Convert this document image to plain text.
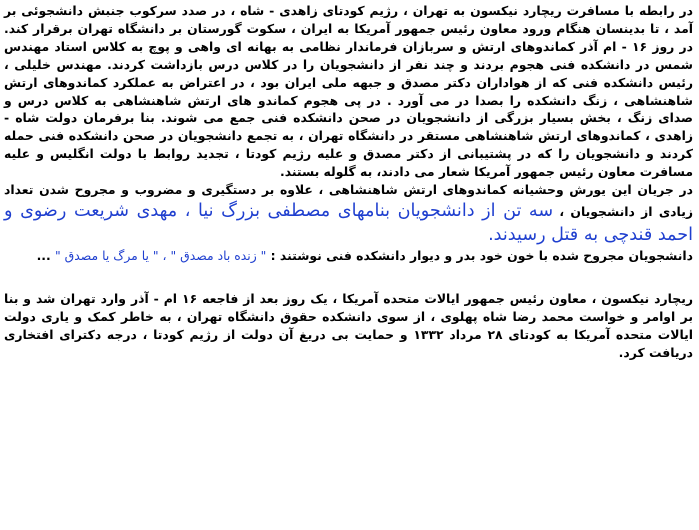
در رابطه با مسافرت ریچارد نیکسون به تهران ، رژیم کودتای زاهدی - شاه ، در صدد سرکوب جنبش دانشجوئی بر آمد ، تا بدینسان هنگام ورود معاون رئیس جمهور آمریکا به ایران ، سکوت گورستان بر دانشگاه تهران برقرار کند. در روز ۱۶ - ام آذر کماندوهای ارتش و سربازان فرماندار نظامی به بهانه ای واهی و پوچ به کلاس استاد مهندس شمس در دانشکده فنی هجوم بردند و چند نفر از دانشجویان را در کلاس درس بازداشت کردند. مهندس خلیلی ، رئیس دانشکده فنی که از هواداران دکتر مصدق و جبهه ملی ایران بود ، در اعتراض به عملکرد کماندوهای ارتش شاهنشاهی ، زنگ دانشکده را بصدا در می آورد . در پی هجوم کماندو های ارتش شاهنشاهی به کلاس درس و صدای زنگ ، بخش بسیار بزرگی از دانشجویان در صحن دانشکده فنی جمع می شوند. بنا برفرمان دولت شاه - زاهدی ، کماندوهای ارتش شاهنشاهی مستقر در دانشگاه تهران ، به تجمع دانشجویان در صحن دانشکده فنی حمله کردند و دانشجویان را که در پشتیبانی از دکتر مصدق و علیه رژیم کودتا ، تجدید روابط با دولت انگلیس و علیه مسافرت معاون رئیس جمهور آمریکا شعار می دادند، به گلوله بستند.

در جریان این یورش وحشیانه کماندوهای ارتش شاهنشاهی ، علاوه بر دستگیری و مضروب و مجروح شدن تعداد زیادی از دانشجویان ، سه تن از دانشجویان بنامهای مصطفی بزرگ نیا ، مهدی شریعت رضوی و احمد قندچی به قتل رسیدند.

دانشجویان مجروح شده با خون خود بدر و دیوار دانشکده فنی نوشتند : " زنده باد مصدق " ، " یا مرگ یا مصدق " ...

ریچارد نیکسون ، معاون رئیس جمهور ایالات متحده آمریکا ، یک روز بعد از فاجعه ۱۶ ام - آذر وارد تهران شد و بنا بر اوامر و خواست محمد رضا شاه پهلوی ، از سوی دانشکده حقوق دانشگاه تهران ، به خاطر کمک و یاری دولت ایالات متحده آمریکا به کودتای ۲۸ مرداد ۱۳۳۲ و حمایت بی دریغ آن دولت از رژیم کودتا ، درجه دکترای افتخاری دریافت کرد.
